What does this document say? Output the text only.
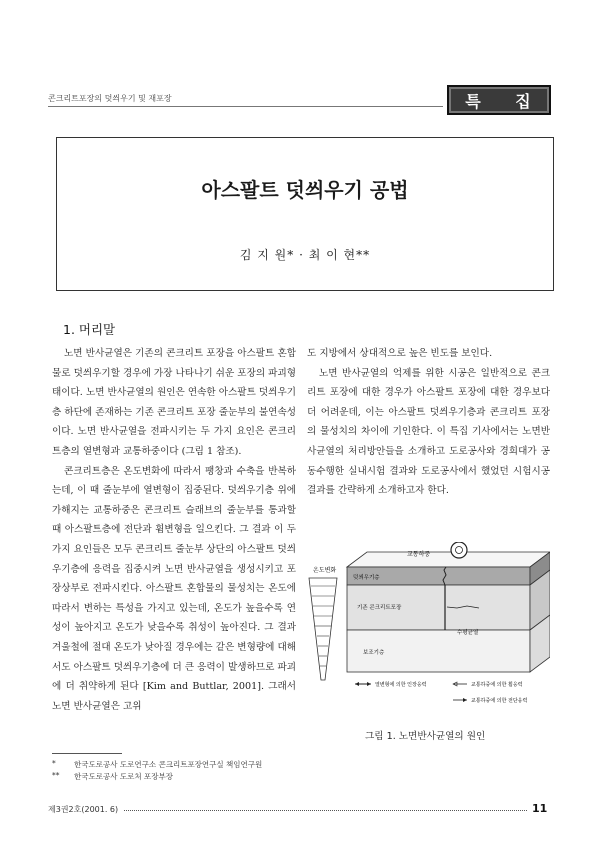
콘크리트포장의 덧씌우기 및 재포장	특 집
아스팔트 덧씌우기 공법
김 지 원* · 최 이 현**
1. 머리말

노면 반사균열은 기존의 콘크리트 포장을 아스팔트 혼합물로 덧씌우기할 경우에 가장 나타나기 쉬운 포장의 파괴형태이다. 노면 반사균열의 원인은 연속한 아스팔트 덧씌우기층 하단에 존재하는 기존 콘크리트 포장 줄눈부의 불연속성이다. 노면 반사균열을 전파시키는 두 가지 요인은 콘크리트층의 열변형과 교통하중이다 (그림 1 참조).

콘크리트층은 온도변화에 따라서 팽창과 수축을 반복하는데, 이 때 줄눈부에 열변형이 집중된다. 덧씌우기층 위에 가해지는 교통하중은 콘크리트 슬래브의 줄눈부를 통과할 때 아스팔트층에 전단과 휨변형을 일으킨다. 그 결과 이 두 가지 요인들은 모두 콘크리트 줄눈부 상단의 아스팔트 덧씌우기층에 응력을 집중시켜 노면 반사균열을 생성시키고 포장상부로 전파시킨다. 아스팔트 혼합물의 물성치는 온도에 따라서 변하는 특성을 가지고 있는데, 온도가 높을수록 연성이 높아지고 온도가 낮을수록 취성이 높아진다. 그 결과 겨울철에 절대 온도가 낮아질 경우에는 같은 변형량에 대해서도 아스팔트 덧씌우기층에 더 큰 응력이 발생하므로 파괴에 더 취약하게 된다 [Kim and Buttlar, 2001]. 그래서 노면 반사균열은 고위

도 지방에서 상대적으로 높은 빈도를 보인다.

노면 반사균열의 억제를 위한 시공은 일반적으로 콘크리트 포장에 대한 경우가 아스팔트 포장에 대한 경우보다 더 어려운데, 이는 아스팔트 덧씌우기층과 콘크리트 포장의 물성치의 차이에 기인한다. 이 특집 기사에서는 노면반사균열의 처리방안들을 소개하고 도로공사와 경희대가 공동수행한 실내시험 결과와 도로공사에서 했었던 시험시공 결과를 간략하게 소개하고자 한다.

온도변화
교통하중
덧씌우기층
기존 콘크리트포장
수평균열
보조기층
열변형에 의한 인장응력	교통하중에 의한 휨응력
교통하중에 의한 전단응력
그림 1. 노면반사균열의 원인
* 한국도로공사 도로연구소 콘크리트포장연구실 책임연구원
** 한국도로공사 도로처 포장부장
제3권2호(2001. 6)	11
